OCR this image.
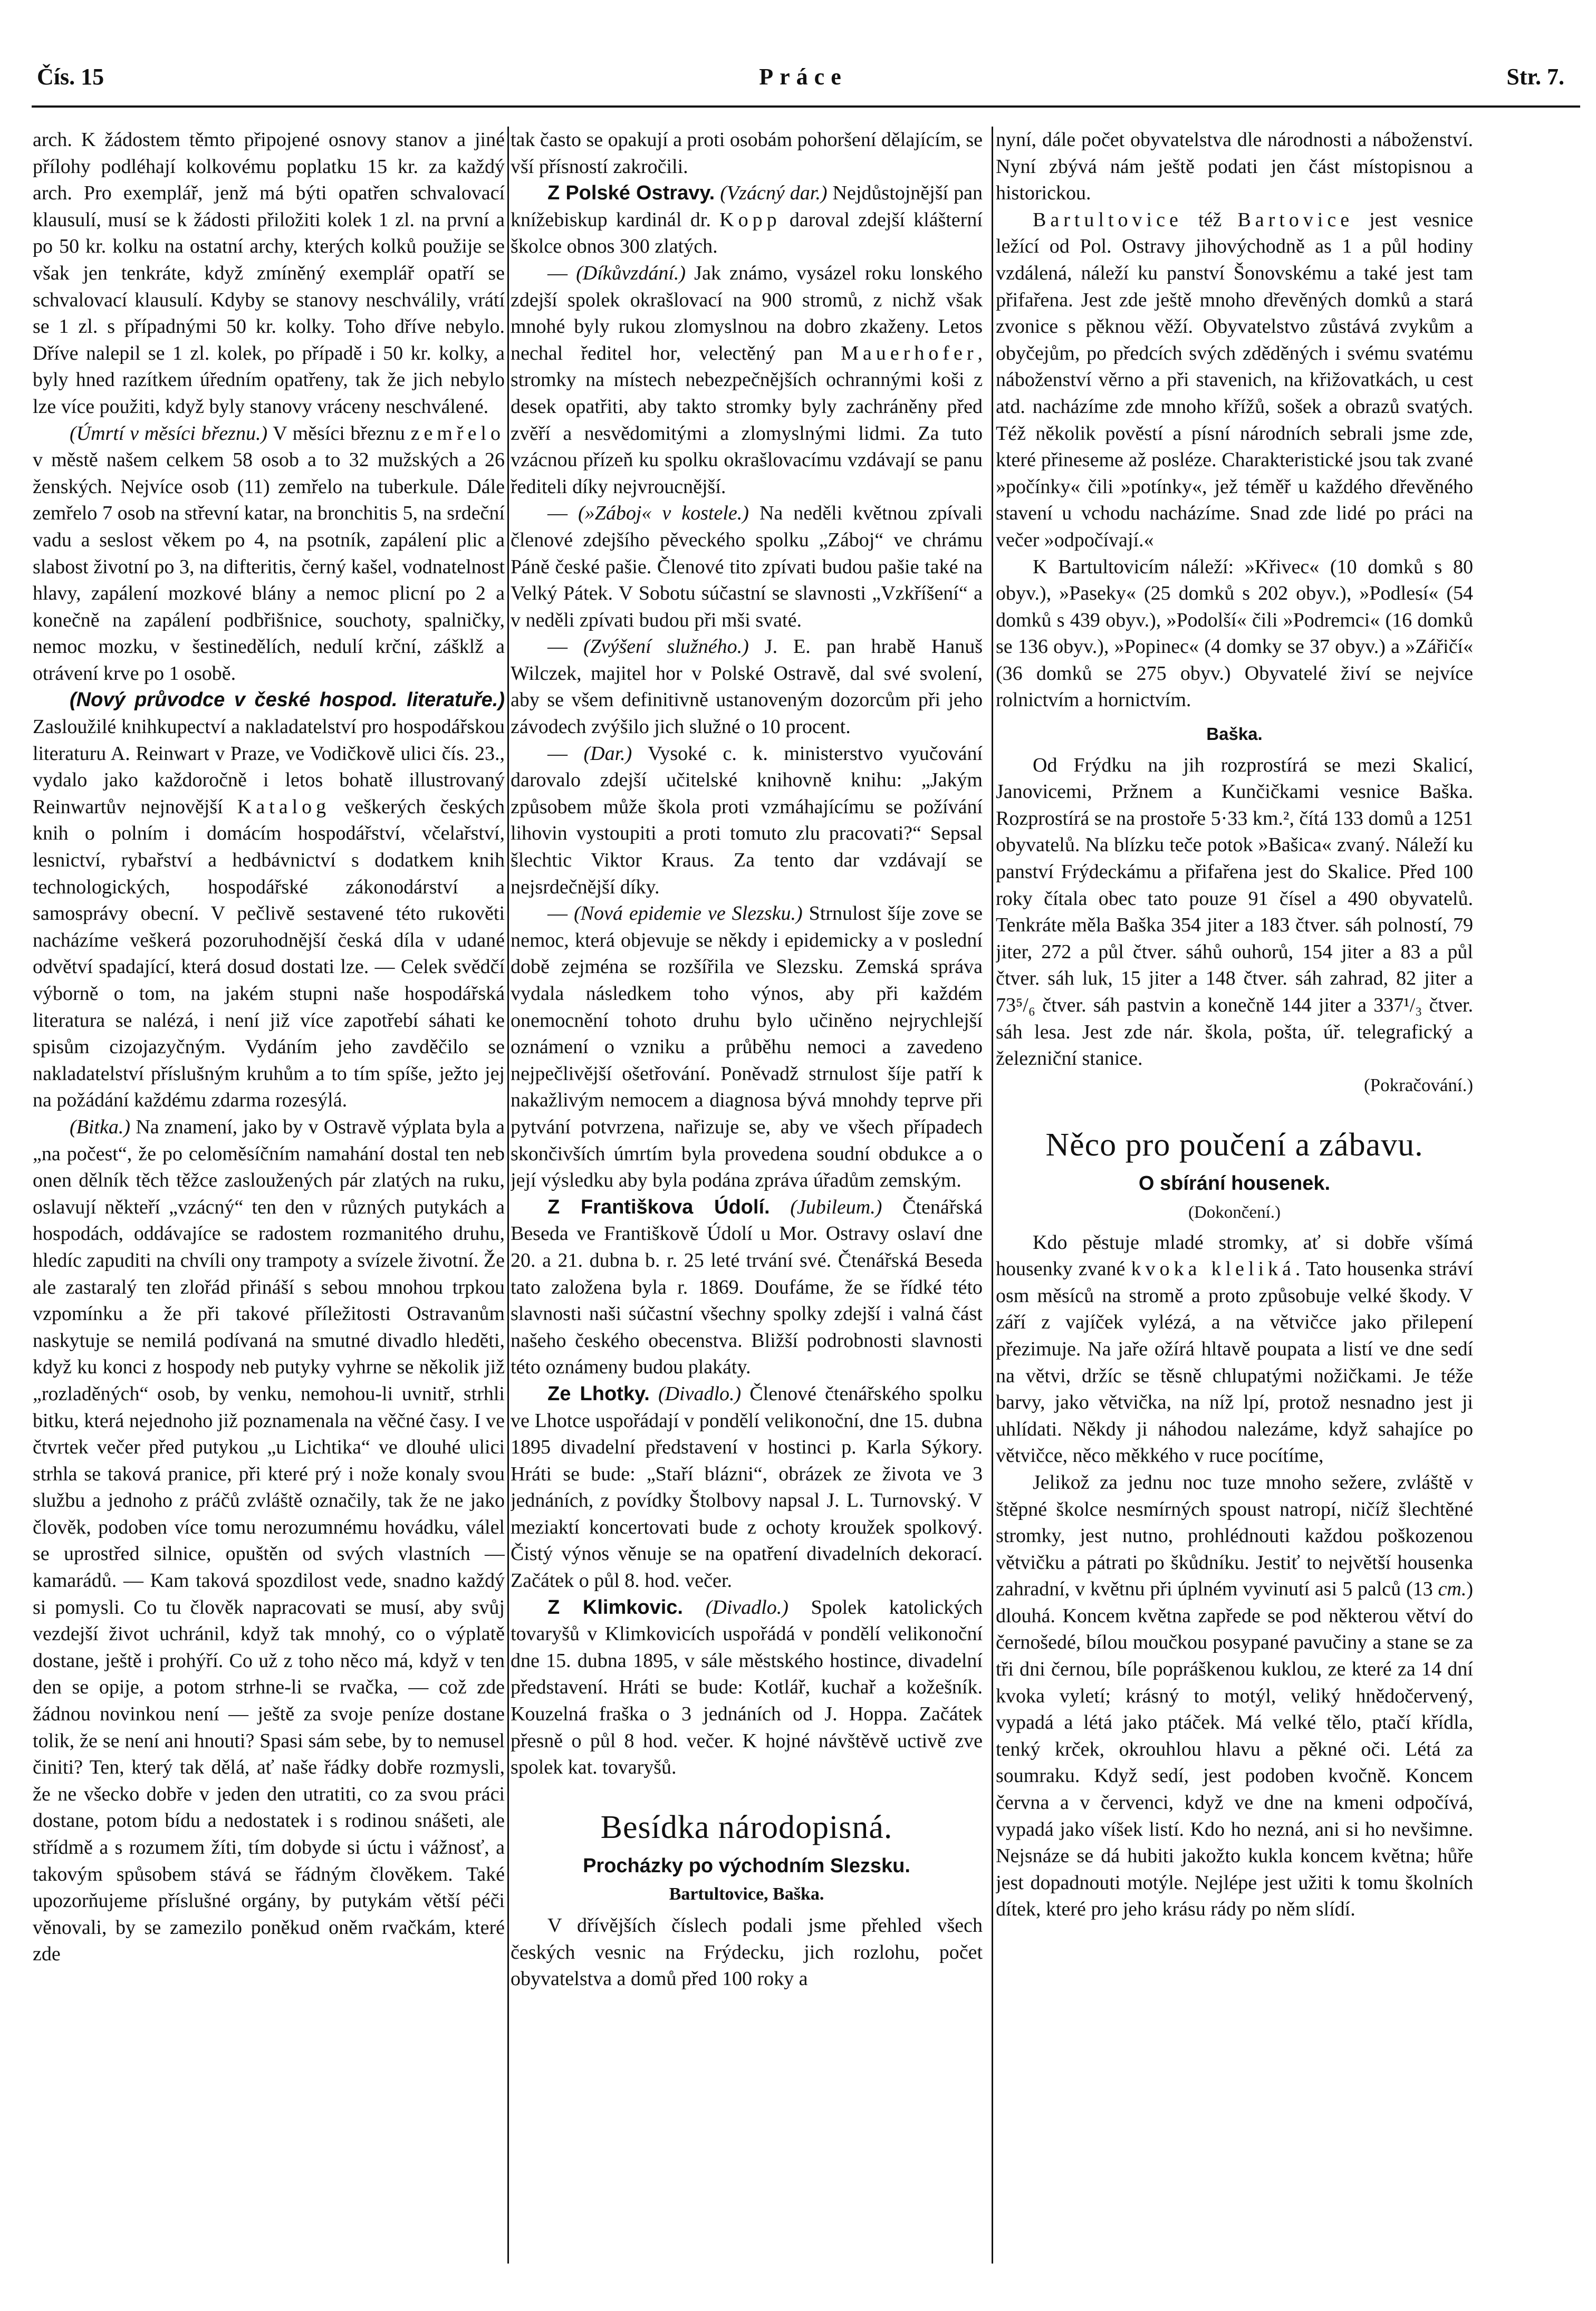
Čís. 15	Práce	Str. 7.

arch. K žádostem těmto připojené osnovy stanov a jiné přílohy podléhají kolkovému poplatku 15 kr. za každý arch. Pro exemplář, jenž má býti opatřen schvalovací klausulí, musí se k žádosti přiložiti kolek 1 zl. na první a po 50 kr. kolku na ostatní archy, kterých kolků použije se však jen tenkráte, když zmíněný exemplář opatří se schvalovací klausulí. Kdyby se stanovy neschválily, vrátí se 1 zl. s případnými 50 kr. kolky. Toho dříve nebylo. Dříve nalepil se 1 zl. kolek, po případě i 50 kr. kolky, a byly hned razítkem úředním opatřeny, tak že jich nebylo lze více použiti, když byly stanovy vráceny neschválené.

(Úmrtí v měsíci březnu.) V měsíci březnu zemřelo v městě našem celkem 58 osob a to 32 mužských a 26 ženských. Nejvíce osob (11) zemřelo na tuberkule. Dále zemřelo 7 osob na střevní katar, na bronchitis 5, na srdeční vadu a seslost věkem po 4, na psotník, zapálení plic a slabost životní po 3, na difteritis, černý kašel, vodnatelnost hlavy, zapálení mozkové blány a nemoc plicní po 2 a konečně na zapálení podbřišnice, souchoty, spalničky, nemoc mozku, v šestinedělích, nedulí krční, zášklž a otrávení krve po 1 osobě.

(Nový průvodce v české hospod. literatuře.) Zasloužilé knihkupectví a nakladatelství pro hospodářskou literaturu A. Reinwart v Praze, ve Vodičkově ulici čís. 23., vydalo jako každoročně i letos bohatě illustrovaný Reinwartův nejnovější Katalog veškerých českých knih o polním i domácím hospodářství, včelařství, lesnictví, rybařství a hedbávnictví s dodatkem knih technologických, hospodářské zákonodárství a samosprávy obecní. V pečlivě sestavené této rukověti nacházíme veškerá pozoruhodnější česká díla v udané odvětví spadající, která dosud dostati lze. — Celek svědčí výborně o tom, na jakém stupni naše hospodářská literatura se nalézá, i není již více zapotřebí sáhati ke spisům cizojazyčným. Vydáním jeho zavděčilo se nakladatelství příslušným kruhům a to tím spíše, ježto jej na požádání každému zdarma rozesýlá.

(Bitka.) Na znamení, jako by v Ostravě výplata byla a „na počest“, že po celoměsíčním namahání dostal ten neb onen dělník těch těžce zasloužených pár zlatých na ruku, oslavují někteří „vzácný“ ten den v různých putykách a hospodách, oddávajíce se radostem rozmanitého druhu, hledíc zapuditi na chvíli ony trampoty a svízele životní. Že ale zastaralý ten zlořád přináší s sebou mnohou trpkou vzpomínku a že při takové příležitosti Ostravanům naskytuje se nemilá podívaná na smutné divadlo hleděti, když ku konci z hospody neb putyky vyhrne se několik již „rozladěných“ osob, by venku, nemohou-li uvnitř, strhli bitku, která nejednoho již poznamenala na věčné časy. I ve čtvrtek večer před putykou „u Lichtika“ ve dlouhé ulici strhla se taková pranice, při které prý i nože konaly svou službu a jednoho z práčů zvláště označily, tak že ne jako člověk, podoben více tomu nerozumnému hovádku, válel se uprostřed silnice, opuštěn od svých vlastních — kamarádů. — Kam taková spozdilost vede, snadno každý si pomysli. Co tu člověk napracovati se musí, aby svůj vezdejší život uchránil, když tak mnohý, co o výplatě dostane, ještě i prohýří. Co už z toho něco má, když v ten den se opije, a potom strhne-li se rvačka, — což zde žádnou novinkou není — ještě za svoje peníze dostane tolik, že se není ani hnouti? Spasi sám sebe, by to nemusel činiti? Ten, který tak dělá, ať naše řádky dobře rozmysli, že ne všecko dobře v jeden den utratiti, co za svou práci dostane, potom bídu a nedostatek i s rodinou snášeti, ale střídmě a s rozumem žíti, tím dobyde si úctu i vážnosť, a takovým spůsobem stává se řádným člověkem. Také upozorňujeme příslušné orgány, by putykám větší péči věnovali, by se zamezilo poněkud oněm rvačkám, které zde

tak často se opakují a proti osobám pohoršení dělajícím, se vší přísností zakročili.

Z Polské Ostravy. (Vzácný dar.) Nejdůstojnější pan knížebiskup kardinál dr. Kopp daroval zdejší klášterní školce obnos 300 zlatých.

— (Díkůvzdání.) Jak známo, vysázel roku lonského zdejší spolek okrašlovací na 900 stromů, z nichž však mnohé byly rukou zlomyslnou na dobro zkaženy. Letos nechal ředitel hor, velectěný pan Mauerhofer, stromky na místech nebezpečnějších ochrannými koši z desek opatřiti, aby takto stromky byly zachráněny před zvěří a nesvědomitými a zlomyslnými lidmi. Za tuto vzácnou přízeň ku spolku okrašlovacímu vzdávají se panu řediteli díky nejvroucnější.

— (»Záboj« v kostele.) Na neděli květnou zpívali členové zdejšího pěveckého spolku „Záboj“ ve chrámu Páně české pašie. Členové tito zpívati budou pašie také na Velký Pátek. V Sobotu súčastní se slavnosti „Vzkříšení“ a v neděli zpívati budou při mši svaté.

— (Zvýšení služného.) J. E. pan hrabě Hanuš Wilczek, majitel hor v Polské Ostravě, dal své svolení, aby se všem definitivně ustanoveným dozorcům při jeho závodech zvýšilo jich služné o 10 procent.

— (Dar.) Vysoké c. k. ministerstvo vyučování darovalo zdejší učitelské knihovně knihu: „Jakým způsobem může škola proti vzmáhajícímu se požívání lihovin vystoupiti a proti tomuto zlu pracovati?“ Sepsal šlechtic Viktor Kraus. Za tento dar vzdávají se nejsrdečnější díky.

— (Nová epidemie ve Slezsku.) Strnulost šíje zove se nemoc, která objevuje se někdy i epidemicky a v poslední době zejména se rozšířila ve Slezsku. Zemská správa vydala následkem toho výnos, aby při každém onemocnění tohoto druhu bylo učiněno nejrychlejší oznámení o vzniku a průběhu nemoci a zavedeno nejpečlivější ošetřování. Poněvadž strnulost šíje patří k nakažlivým nemocem a diagnosa bývá mnohdy teprve při pytvání potvrzena, nařizuje se, aby ve všech případech skončivších úmrtím byla provedena soudní obdukce a o její výsledku aby byla podána zpráva úřadům zemským.

Z Františkova Údolí. (Jubileum.) Čtenářská Beseda ve Františkově Údolí u Mor. Ostravy oslaví dne 20. a 21. dubna b. r. 25 leté trvání své. Čtenářská Beseda tato založena byla r. 1869. Doufáme, že se řídké této slavnosti naši súčastní všechny spolky zdejší i valná část našeho českého obecenstva. Bližší podrobnosti slavnosti této oznámeny budou plakáty.

Ze Lhotky. (Divadlo.) Členové čtenářského spolku ve Lhotce uspořádají v pondělí velikonoční, dne 15. dubna 1895 divadelní představení v hostinci p. Karla Sýkory. Hráti se bude: „Staří blázni“, obrázek ze života ve 3 jednáních, z povídky Štolbovy napsal J. L. Turnovský. V meziaktí koncertovati bude z ochoty kroužek spolkový. Čistý výnos věnuje se na opatření divadelních dekorací. Začátek o půl 8. hod. večer.

Z Klimkovic. (Divadlo.) Spolek katolických tovaryšů v Klimkovicích uspořádá v pondělí velikonoční dne 15. dubna 1895, v sále městského hostince, divadelní představení. Hráti se bude: Kotlář, kuchař a kožešník. Kouzelná fraška o 3 jednáních od J. Hoppa. Začátek přesně o půl 8 hod. večer. K hojné návštěvě uctivě zve spolek kat. tovaryšů.

Besídka národopisná.
Procházky po východním Slezsku.
Bartultovice, Baška.

V dřívějších číslech podali jsme přehled všech českých vesnic na Frýdecku, jich rozlohu, počet obyvatelstva a domů před 100 roky a

nyní, dále počet obyvatelstva dle národnosti a náboženství. Nyní zbývá nám ještě podati jen část místopisnou a historickou.

Bartultovice též Bartovice jest vesnice ležící od Pol. Ostravy jihovýchodně as 1 a půl hodiny vzdálená, náleží ku panství Šonovskému a také jest tam přifařena. Jest zde ještě mnoho dřevěných domků a stará zvonice s pěknou věží. Obyvatelstvo zůstává zvykům a obyčejům, po předcích svých zděděných i svému svatému náboženství věrno a při stavenich, na křižovatkách, u cest atd. nacházíme zde mnoho křížů, sošek a obrazů svatých. Též několik pověstí a písní národních sebrali jsme zde, které přineseme až posléze. Charakteristické jsou tak zvané »počínky« čili »potínky«, jež téměř u každého dřevěného stavení u vchodu nacházíme. Snad zde lidé po práci na večer »odpočívají.«

K Bartultovicím náleží: »Křivec« (10 domků s 80 obyv.), »Paseky« (25 domků s 202 obyv.), »Podlesí« (54 domků s 439 obyv.), »Podolší« čili »Podremci« (16 domků se 136 obyv.), »Popinec« (4 domky se 37 obyv.) a »Zářičí« (36 domků se 275 obyv.) Obyvatelé živí se nejvíce rolnictvím a hornictvím.

Baška.

Od Frýdku na jih rozprostírá se mezi Skalicí, Janovicemi, Pržnem a Kunčičkami vesnice Baška. Rozprostírá se na prostoře 5·33 km.², čítá 133 domů a 1251 obyvatelů. Na blízku teče potok »Bašica« zvaný. Náleží ku panství Frýdeckámu a přifařena jest do Skalice. Před 100 roky čítala obec tato pouze 91 čísel a 490 obyvatelů. Tenkráte měla Baška 354 jiter a 183 čtver. sáh polností, 79 jiter, 272 a půl čtver. sáhů ouhorů, 154 jiter a 83 a půl čtver. sáh luk, 15 jiter a 148 čtver. sáh zahrad, 82 jiter a 73⁵/₆ čtver. sáh pastvin a konečně 144 jiter a 337¹/₃ čtver. sáh lesa. Jest zde nár. škola, pošta, úř. telegrafický a železniční stanice.

(Pokračování.)
Něco pro poučení a zábavu.
O sbírání housenek.
(Dokončení.)

Kdo pěstuje mladé stromky, ať si dobře všímá housenky zvané kvoka kleliká. Tato housenka stráví osm měsíců na stromě a proto způsobuje velké škody. V září z vajíček vylézá, a na větvičce jako přilepení přezimuje. Na jaře ožírá hltavě poupata a listí ve dne sedí na větvi, držíc se těsně chlupatými nožičkami. Je téže barvy, jako větvička, na níž lpí, protož nesnadno jest ji uhlídati. Někdy ji náhodou nalezáme, když sahajíce po větvičce, něco měkkého v ruce pocítíme,

Jelikož za jednu noc tuze mnoho sežere, zvláště v štěpné školce nesmírných spoust natropí, ničíž šlechtěné stromky, jest nutno, prohlédnouti každou poškozenou větvičku a pátrati po škůdníku. Jestiť to největší housenka zahradní, v květnu při úplném vyvinutí asi 5 palců (13 cm.) dlouhá. Koncem května zapřede se pod některou větví do černošedé, bílou moučkou posypané pavučiny a stane se za tři dni černou, bíle popráškenou kuklou, ze které za 14 dní kvoka vyletí; krásný to motýl, veliký hnědočervený, vypadá a létá jako ptáček. Má velké tělo, ptačí křídla, tenký krček, okrouhlou hlavu a pěkné oči. Létá za soumraku. Když sedí, jest podoben kvočně. Koncem června a v červenci, když ve dne na kmeni odpočívá, vypadá jako víšek listí. Kdo ho nezná, ani si ho nevšimne. Nejsnáze se dá hubiti jakožto kukla koncem května; hůře jest dopadnouti motýle. Nejlépe jest užiti k tomu školních dítek, které pro jeho krásu rády po něm slídí.
